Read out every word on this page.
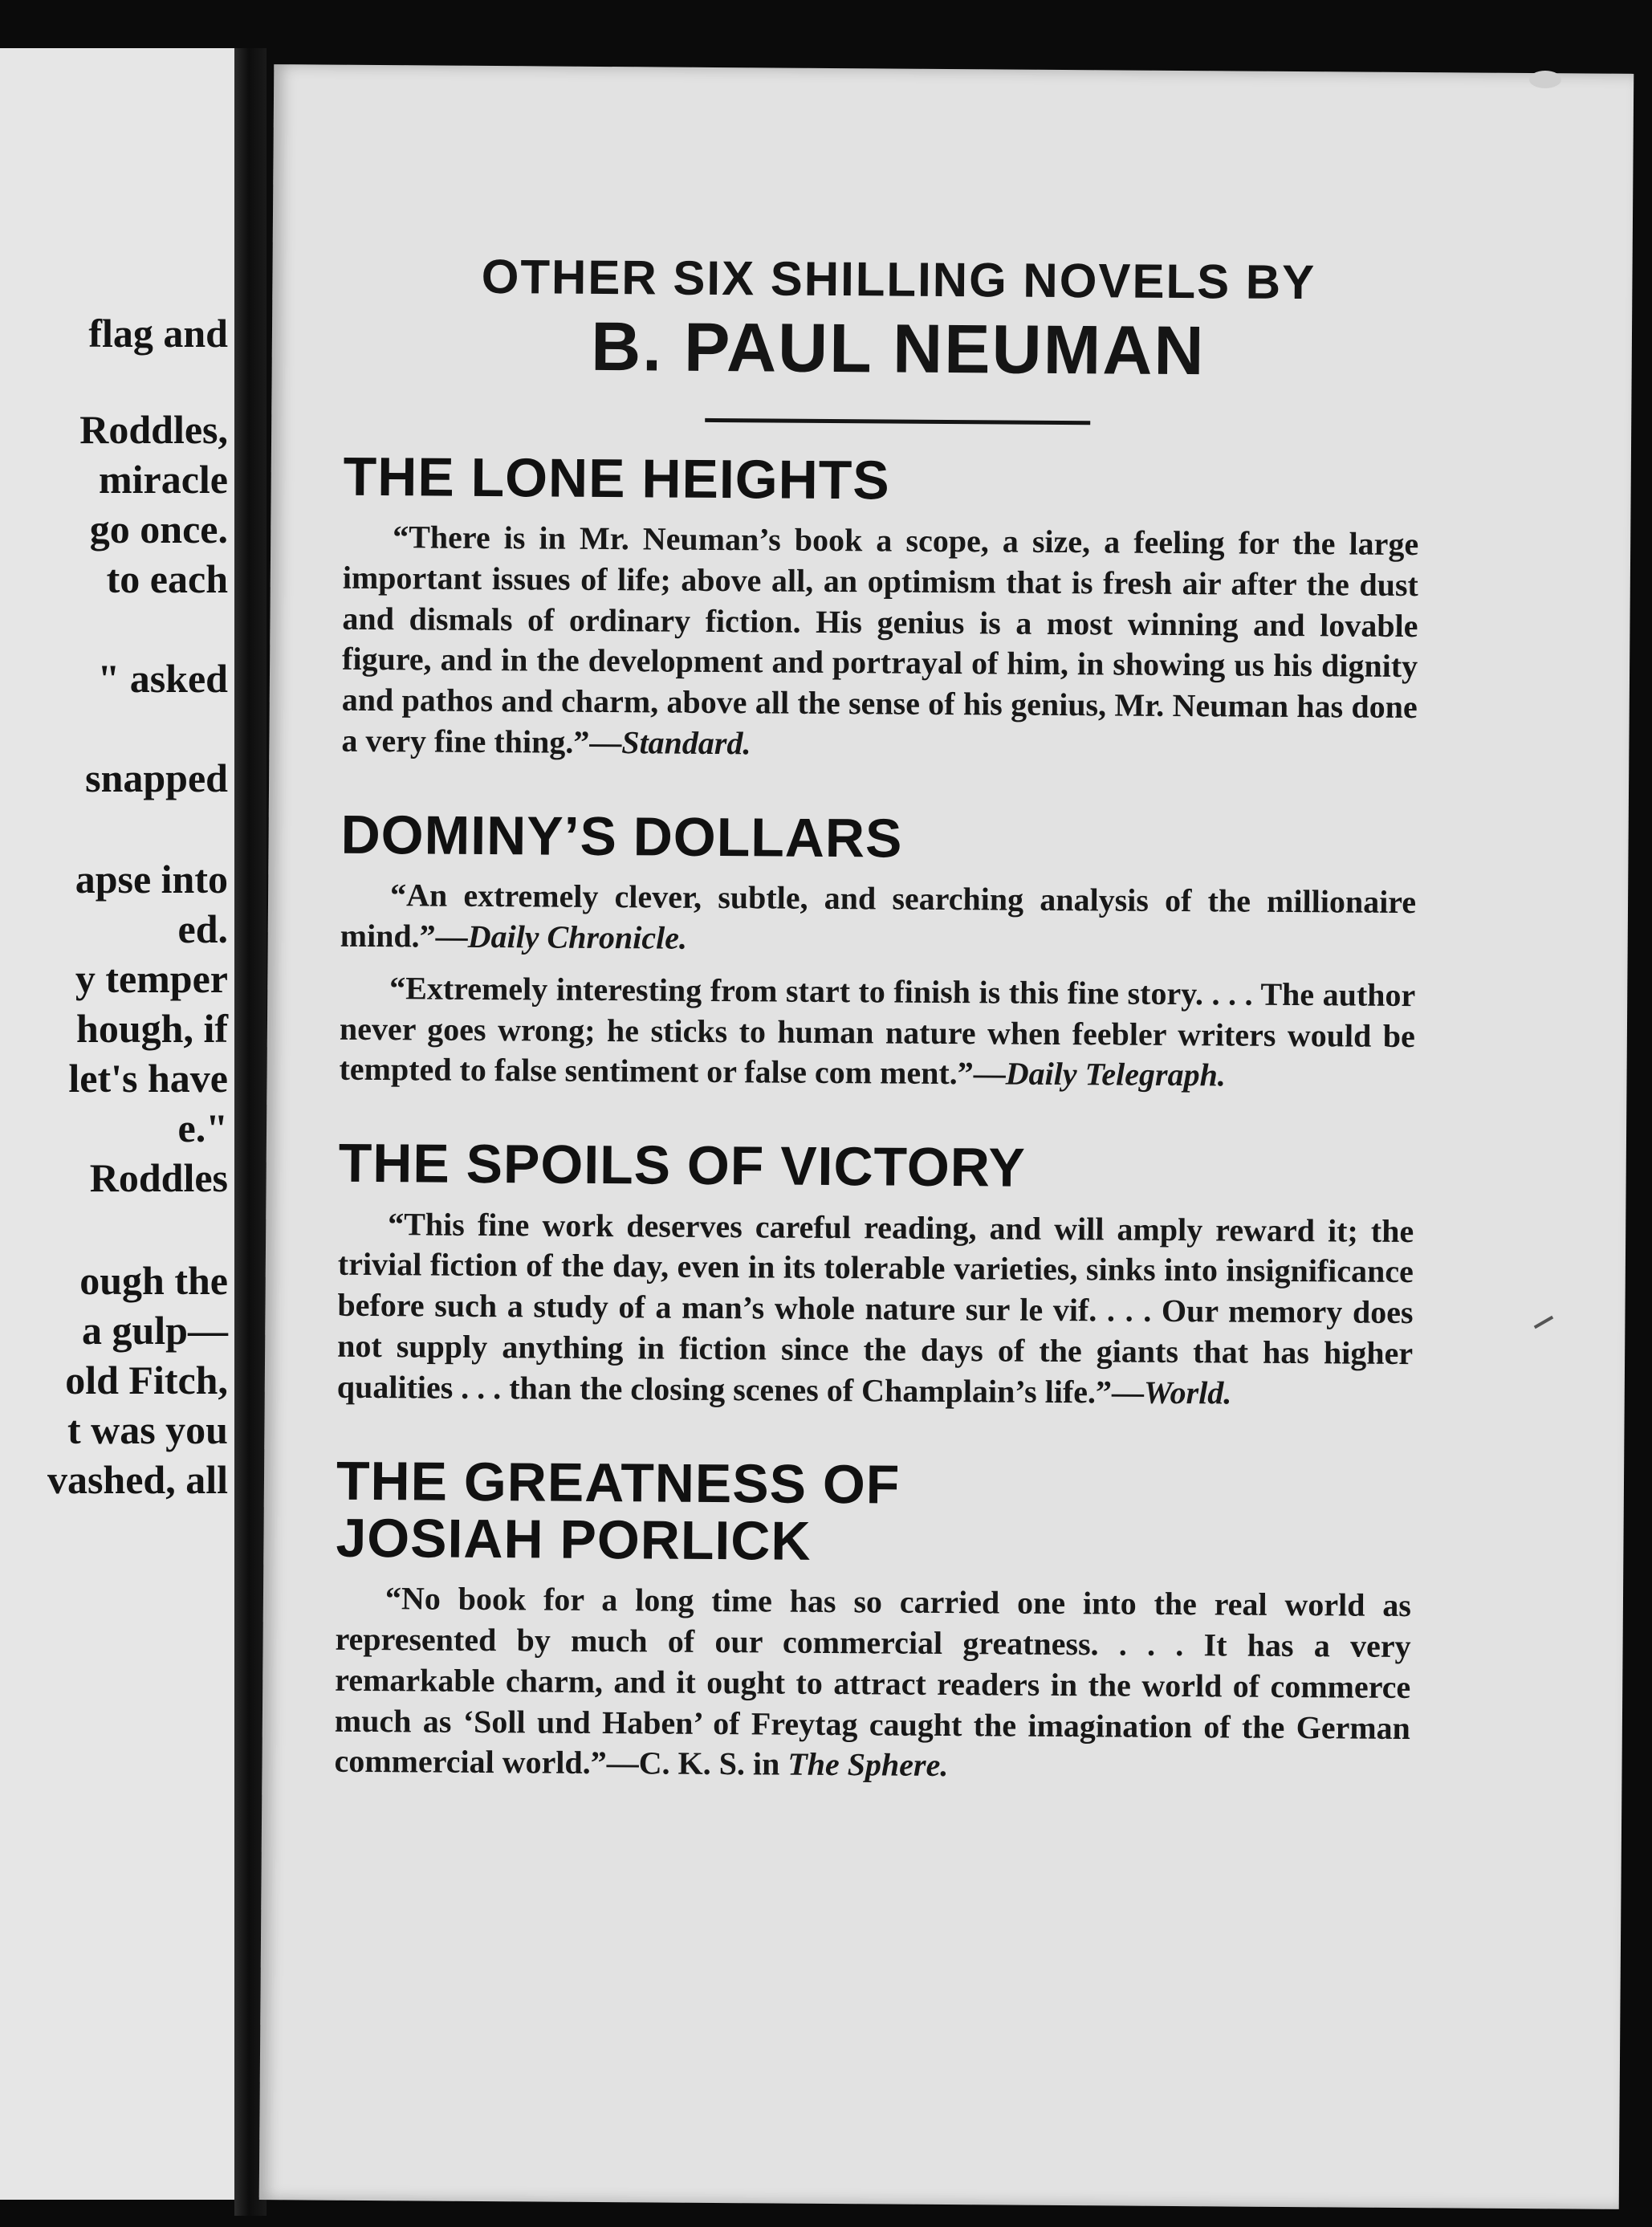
flag and

Roddles,

miracle

go once.

to each

" asked

snapped

apse into

ed.

y temper

hough, if

let's have

e."

Roddles

ough the

a gulp—

old Fitch,

t was you

vashed, all

OTHER SIX SHILLING NOVELS BY
B. PAUL NEUMAN
THE LONE HEIGHTS

“There is in Mr. Neuman’s book a scope, a size, a feeling for the large important issues of life; above all, an optimism that is fresh air after the dust and dismals of ordinary fiction. His genius is a most winning and lovable figure, and in the development and portrayal of him, in showing us his dignity and pathos and charm, above all the sense of his genius, Mr. Neuman has done a very fine thing.”—Standard.

DOMINY’S DOLLARS

“An extremely clever, subtle, and searching analysis of the millionaire mind.”—Daily Chronicle.

“Extremely interesting from start to finish is this fine story. . . . The author never goes wrong; he sticks to human nature when feebler writers would be tempted to false sentiment or false com ment.”—Daily Telegraph.

THE SPOILS OF VICTORY

“This fine work deserves careful reading, and will amply reward it; the trivial fiction of the day, even in its tolerable varieties, sinks into insignificance before such a study of a man’s whole nature sur le vif. . . . Our memory does not supply anything in fiction since the days of the giants that has higher qualities . . . than the closing scenes of Champlain’s life.”—World.

THE GREATNESS OF JOSIAH PORLICK

“No book for a long time has so carried one into the real world as represented by much of our commercial greatness. . . . It has a very remarkable charm, and it ought to attract readers in the world of commerce much as ‘Soll und Haben’ of Freytag caught the imagination of the German commercial world.”—C. K. S. in The Sphere.
